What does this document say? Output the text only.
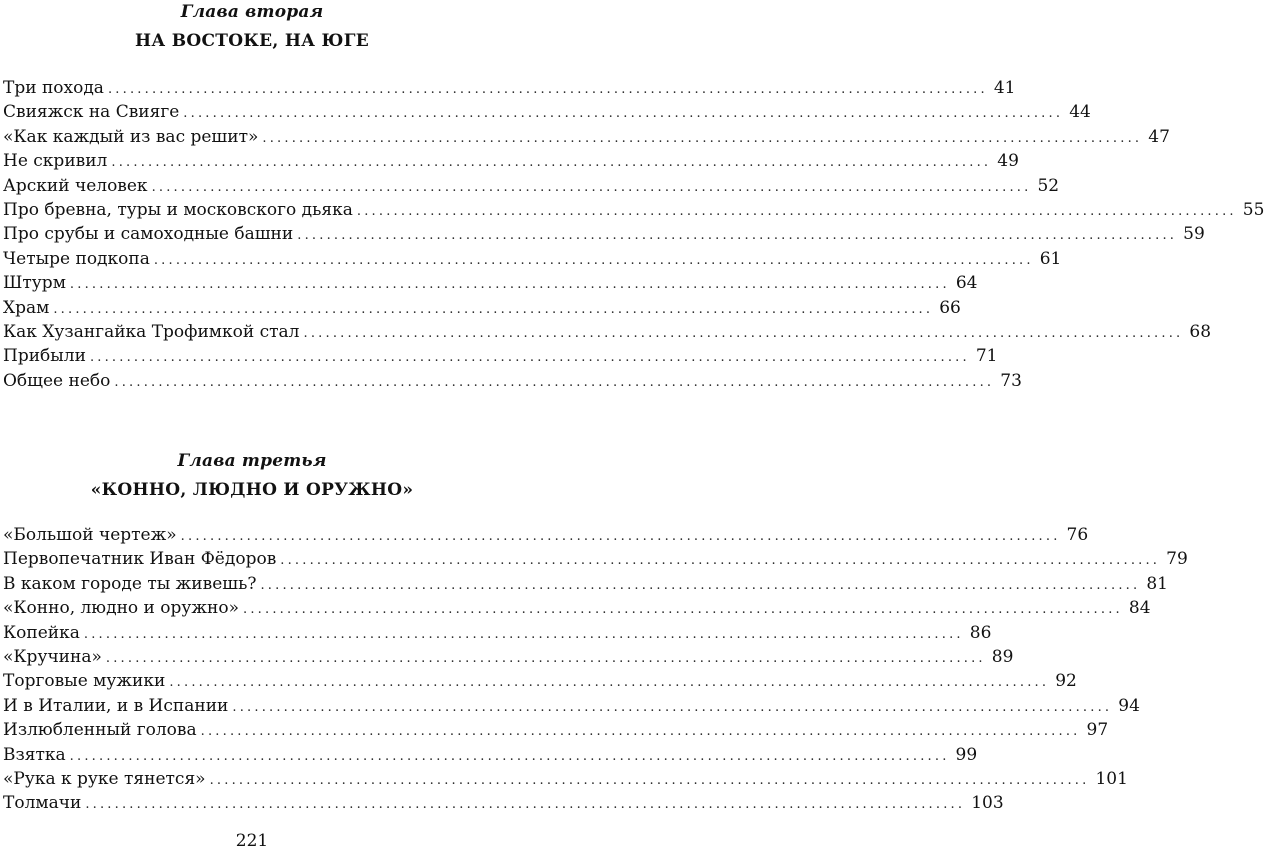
Глава вторая
НА ВОСТОКЕ, НА ЮГЕ
Три похода ........................................................................................................................ 41
Свияжск на Свияге ........................................................................................................................ 44
«Как каждый из вас решит» ........................................................................................................................ 47
Не скривил ........................................................................................................................ 49
Арский человек ........................................................................................................................ 52
Про бревна, туры и московского дьяка ........................................................................................................................ 55
Про срубы и самоходные башни ........................................................................................................................ 59
Четыре подкопа ........................................................................................................................ 61
Штурм ........................................................................................................................ 64
Храм ........................................................................................................................ 66
Как Хузангайка Трофимкой стал ........................................................................................................................ 68
Прибыли ........................................................................................................................ 71
Общее небо ........................................................................................................................ 73
Глава третья
«КОННО, ЛЮДНО И ОРУЖНО»
«Большой чертеж» ........................................................................................................................ 76
Первопечатник Иван Фёдоров ........................................................................................................................ 79
В каком городе ты живешь? ........................................................................................................................ 81
«Конно, людно и оружно» ........................................................................................................................ 84
Копейка ........................................................................................................................ 86
«Кручина» ........................................................................................................................ 89
Торговые мужики ........................................................................................................................ 92
И в Италии, и в Испании ........................................................................................................................ 94
Излюбленный голова ........................................................................................................................ 97
Взятка ........................................................................................................................ 99
«Рука к руке тянется» ........................................................................................................................ 101
Толмачи ........................................................................................................................ 103
221
